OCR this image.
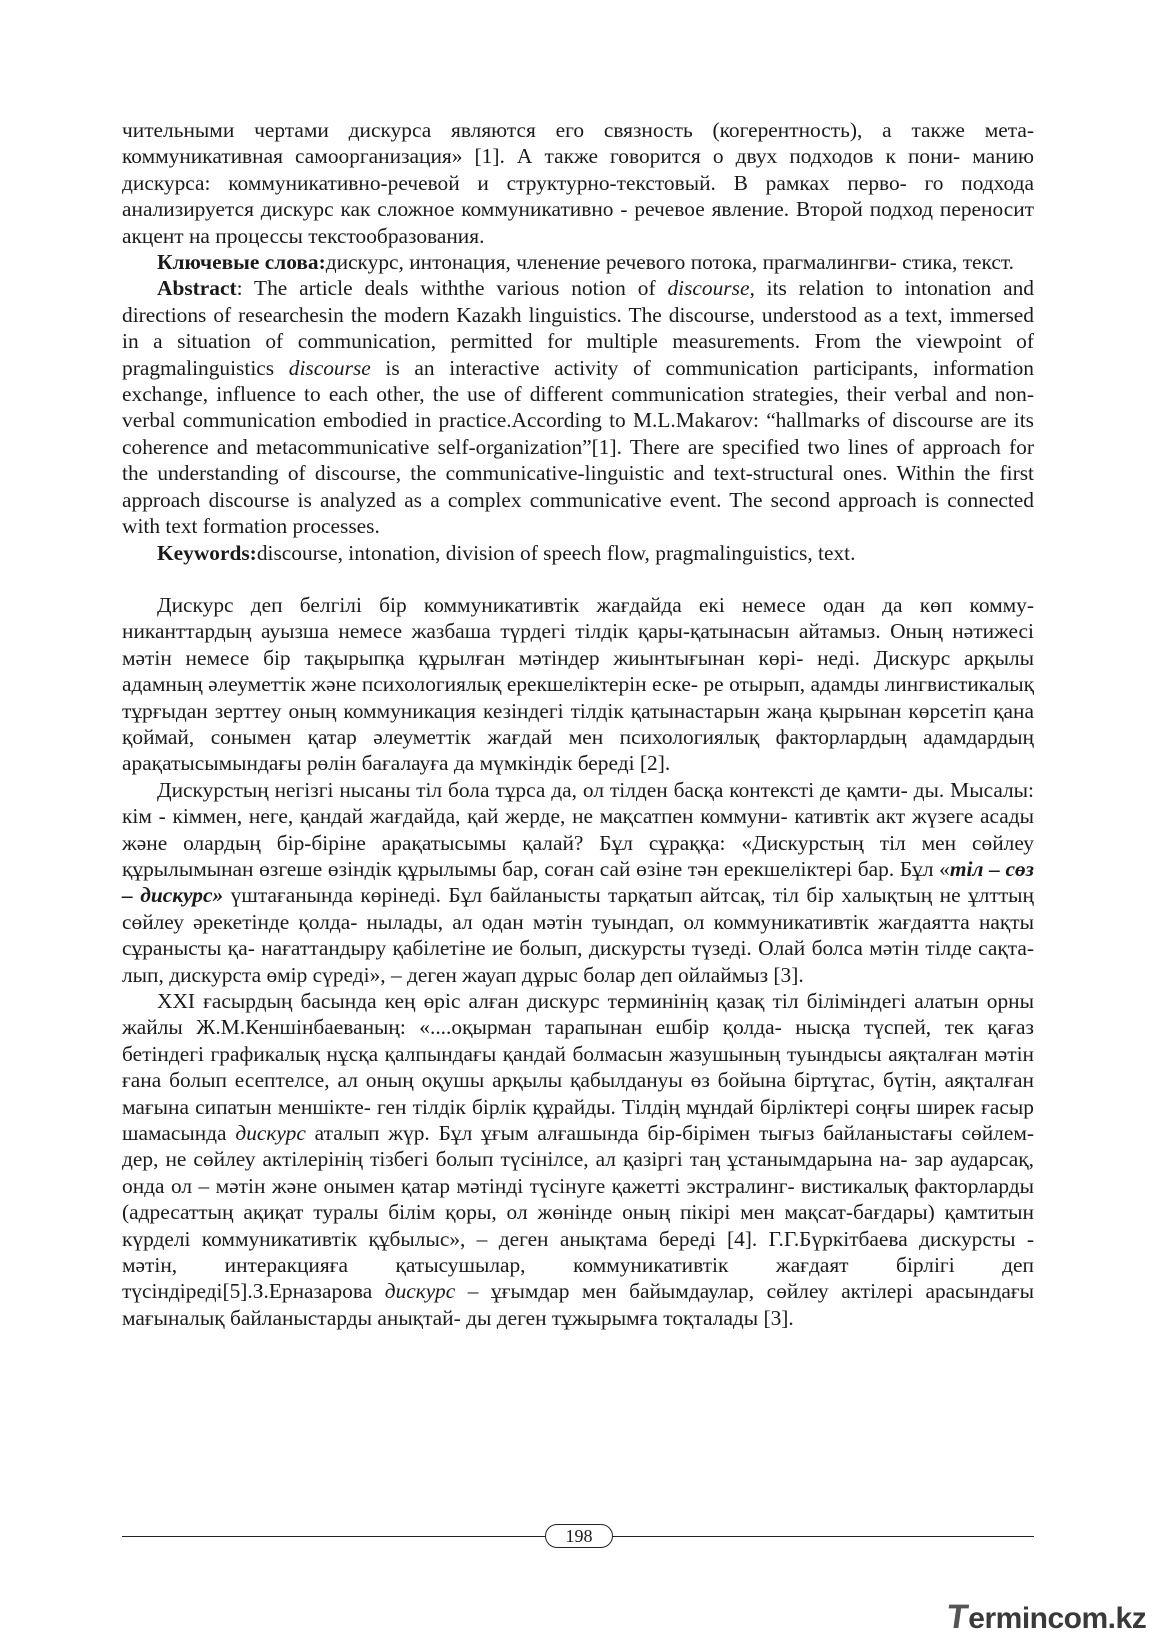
чительными чертами дискурса являются его связность (когерентность), а также мета- коммуникативная самоорганизация» [1]. А также говорится о двух подходов к пони- манию дискурса: коммуникативно-речевой и структурно-текстовый. В рамках перво- го подхода анализируется дискурс как сложное коммуникативно - речевое явление. Второй подход переносит акцент на процессы текстообразования.

Ключевые слова:дискурс, интонация, членение речевого потока, прагмалингви- стика, текст.

Abstract: The article deals withthe various notion of discourse, its relation to intonation and directions of researchesin the modern Kazakh linguistics. The discourse, understood as a text, immersed in a situation of communication, permitted for multiple measurements. From the viewpoint of pragmalinguistics discourse is an interactive activity of communication participants, information exchange, influence to each other, the use of different communication strategies, their verbal and non-verbal communication embodied in practice.According to M.L.Makarov: “hallmarks of discourse are its coherence and metacommunicative self-organization”[1]. There are specified two lines of approach for the understanding of discourse, the communicative-linguistic and text-structural ones. Within the first approach discourse is analyzed as a complex communicative event. The second approach is connected with text formation processes.

Keywords:discourse, intonation, division of speech flow, pragmalinguistics, text.

Дискурс деп белгілі бір коммуникативтік жағдайда екі немесе одан да көп комму- никанттардың ауызша немесе жазбаша түрдегі тілдік қары-қатынасын айтамыз. Оның нәтижесі мәтін немесе бір тақырыпқа құрылған мәтіндер жиынтығынан көрі- неді. Дискурс арқылы адамның әлеуметтік және психологиялық ерекшеліктерін еске- ре отырып, адамды лингвистикалық тұрғыдан зерттеу оның коммуникация кезіндегі тілдік қатынастарын жаңа қырынан көрсетіп қана қоймай, сонымен қатар әлеуметтік жағдай мен психологиялық факторлардың адамдардың арақатысымындағы рөлін бағалауға да мүмкіндік береді [2].

Дискурстың негізгі нысаны тіл бола тұрса да, ол тілден басқа контексті де қамти- ды. Мысалы: кім - кіммен, неге, қандай жағдайда, қай жерде, не мақсатпен коммуни- кативтік акт жүзеге асады және олардың бір-біріне арақатысымы қалай? Бұл сұраққа: «Дискурстың тіл мен сөйлеу құрылымынан өзгеше өзіндік құрылымы бар, соған сай өзіне тән ерекшеліктері бар. Бұл «тіл – сөз – дискурс» үштағанында көрінеді. Бұл байланысты тарқатып айтсақ, тіл бір халықтың не ұлттың сөйлеу әрекетінде қолда- нылады, ал одан мәтін туындап, ол коммуникативтік жағдаятта нақты сұранысты қа- нағаттандыру қабілетіне ие болып, дискурсты түзеді. Олай болса мәтін тілде сақта- лып, дискурста өмір сүреді», – деген жауап дұрыс болар деп ойлаймыз [3].

XXI ғасырдың басында кең өріс алған дискурс терминінің қазақ тіл біліміндегі алатын орны жайлы Ж.М.Кеншінбаеваның: «....оқырман тарапынан ешбір қолда- нысқа түспей, тек қағаз бетіндегі графикалық нұсқа қалпындағы қандай болмасын жазушының туындысы аяқталған мәтін ғана болып есептелсе, ал оның оқушы арқылы қабылдануы өз бойына біртұтас, бүтін, аяқталған мағына сипатын меншікте- ген тілдік бірлік құрайды. Тілдің мұндай бірліктері соңғы ширек ғасыр шамасында дискурс аталып жүр. Бұл ұғым алғашында бір-бірімен тығыз байланыстағы сөйлем- дер, не сөйлеу актілерінің тізбегі болып түсінілсе, ал қазіргі таң ұстанымдарына на- зар аударсақ, онда ол – мәтін және онымен қатар мәтінді түсінуге қажетті экстралинг- вистикалық факторларды (адресаттың ақиқат туралы білім қоры, ол жөнінде оның пікірі мен мақсат-бағдары) қамтитын күрделі коммуникативтік құбылыс», – деген анықтама береді [4]. Г.Г.Бүркітбаева дискурсты - мәтін, интеракцияға қатысушылар, коммуникативтік жағдаят бірлігі деп түсіндіреді[5].З.Ерназарова дискурс – ұғымдар мен байымдаулар, сөйлеу актілері арасындағы мағыналық байланыстарды анықтай- ды деген тұжырымға тоқталады [3].

198
Termincom.kz
